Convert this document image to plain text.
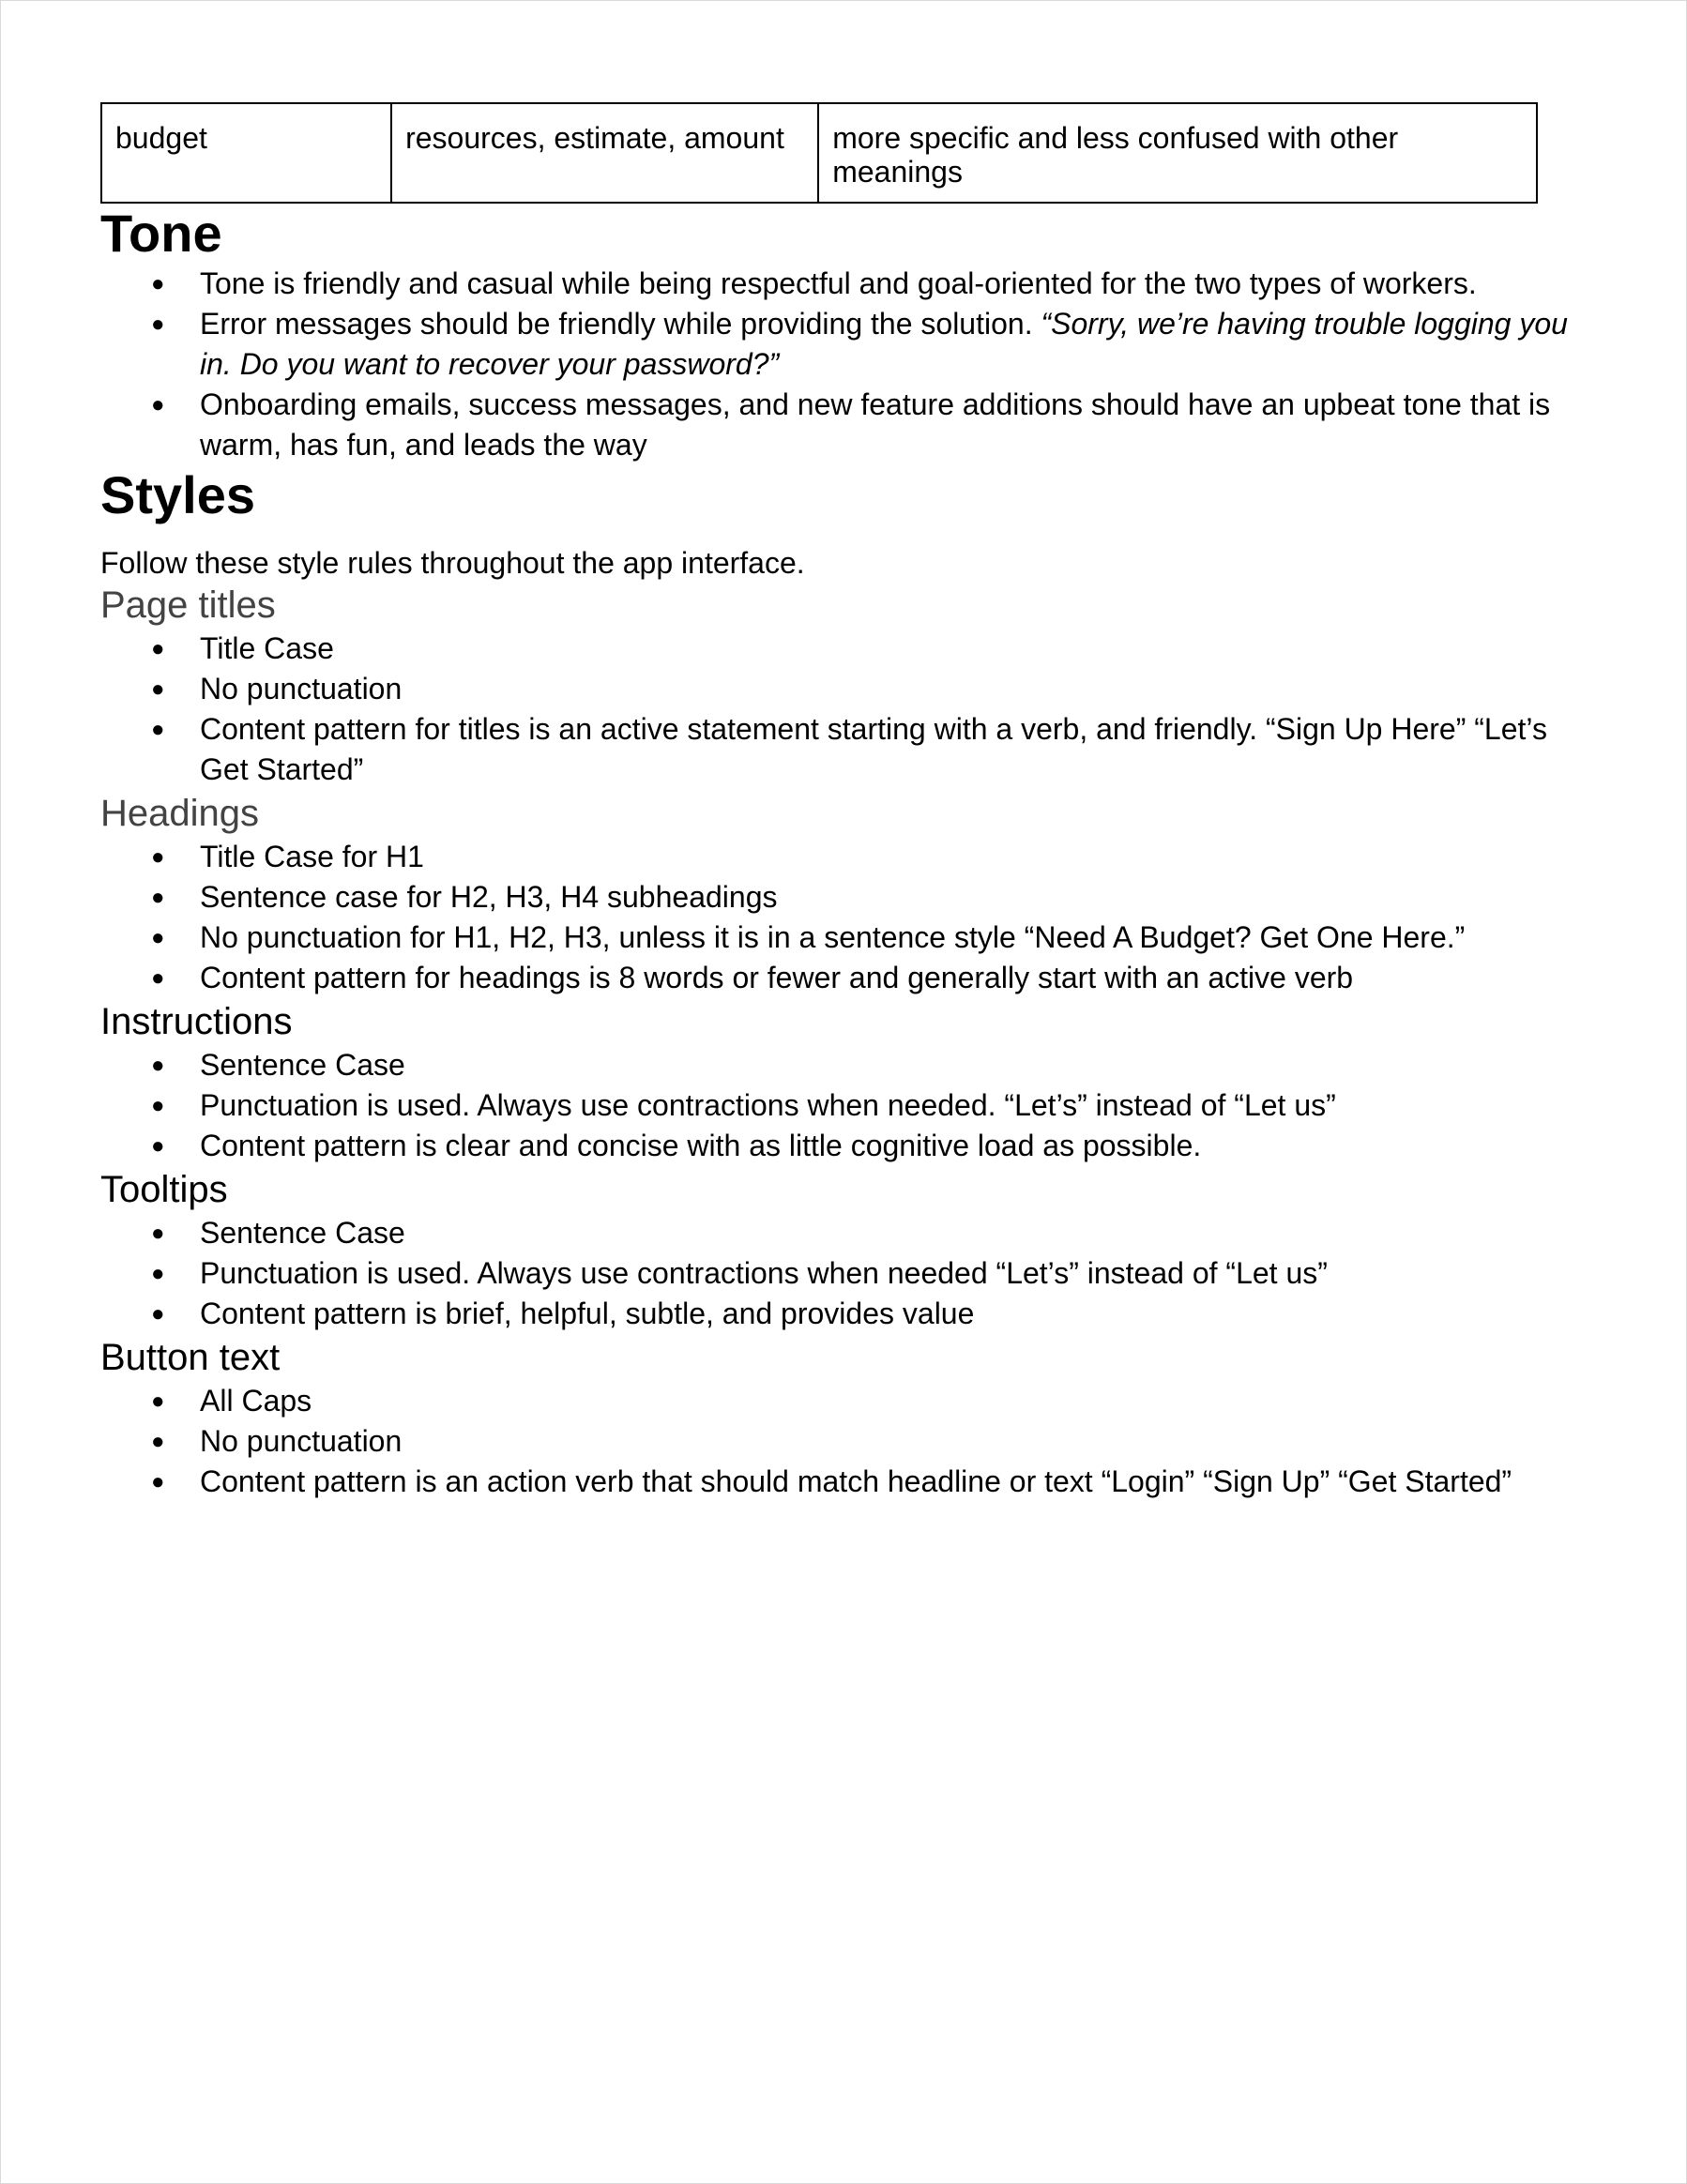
budget	resources, estimate, amount	more specific and less confused with other meanings
Tone
● Tone is friendly and casual while being respectful and goal-oriented for the two types of workers.
● Error messages should be friendly while providing the solution. “Sorry, we’re having trouble logging you in. Do you want to recover your password?”
● Onboarding emails, success messages, and new feature additions should have an upbeat tone that is warm, has fun, and leads the way
Styles

Follow these style rules throughout the app interface.

Page titles
● Title Case
● No punctuation
● Content pattern for titles is an active statement starting with a verb, and friendly. “Sign Up Here” “Let’s Get Started”
Headings
● Title Case for H1
● Sentence case for H2, H3, H4 subheadings
● No punctuation for H1, H2, H3, unless it is in a sentence style “Need A Budget? Get One Here.”
● Content pattern for headings is 8 words or fewer and generally start with an active verb
Instructions
● Sentence Case
● Punctuation is used. Always use contractions when needed. “Let’s” instead of “Let us”
● Content pattern is clear and concise with as little cognitive load as possible.
Tooltips
● Sentence Case
● Punctuation is used. Always use contractions when needed “Let’s” instead of “Let us”
● Content pattern is brief, helpful, subtle, and provides value
Button text
● All Caps
● No punctuation
● Content pattern is an action verb that should match headline or text “Login” “Sign Up” “Get Started”
